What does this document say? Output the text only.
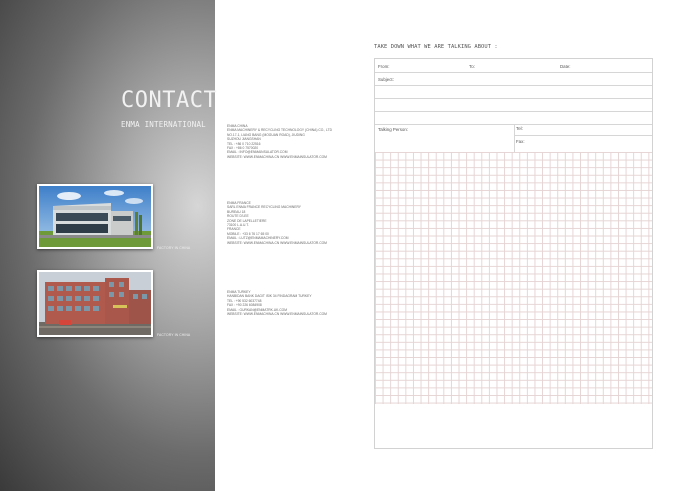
CONTACT
ENMA INTERNATIONAL
FACTORY IN CHINA
FACTORY IN CHINA
ENMA CHINA
ENMA MACHINERY & RECYCLING TECHNOLOGY (CHINA) CO., LTD
NO.17-1, LIANG BANG (MOGUAN ROAD), JIUDING
SUZHOU JIANGSHAN
TEL : +86 0 710 22516
FAX : +86 0 7570020
EMAIL : INFO@ENMAINSULATOR.COM
WEBSITE: WWW.ENMACHINA.CN WWW.ENMAINSULATOR.COM
ENMA FRANCE
SARL ENMA FRANCE RECYCLING MACHINERY
BUREAU 18
ROUTE D'LEE
ZONE DE LAPELLETIERE
73100 L.A.U.T.
FRANCE
MOBILE : +33 6 76 17 65 00
EMAIL : LUTZ@ENMAMACHINERY.COM
WEBSITE: WWW.ENMACHINA.CN WWW.ENMAINSULATOR.COM
ENMA TURKEY
HANBIDAN BANK DAGIT ISIK 34 FINDAGRAM TURKEY
TEL : +90 532 6037748
FAX : +90 226 6084908
EMAIL : GURKAN@ENMATRK.UK.COM
WEBSITE: WWW.ENMACHINA.CN WWW.ENMAINSULATOR.COM
TAKE DOWN WHAT WE ARE TALKING ABOUT :
From:	To:	Date:
Subject:
Talking Person:	Tel:
Fax:
